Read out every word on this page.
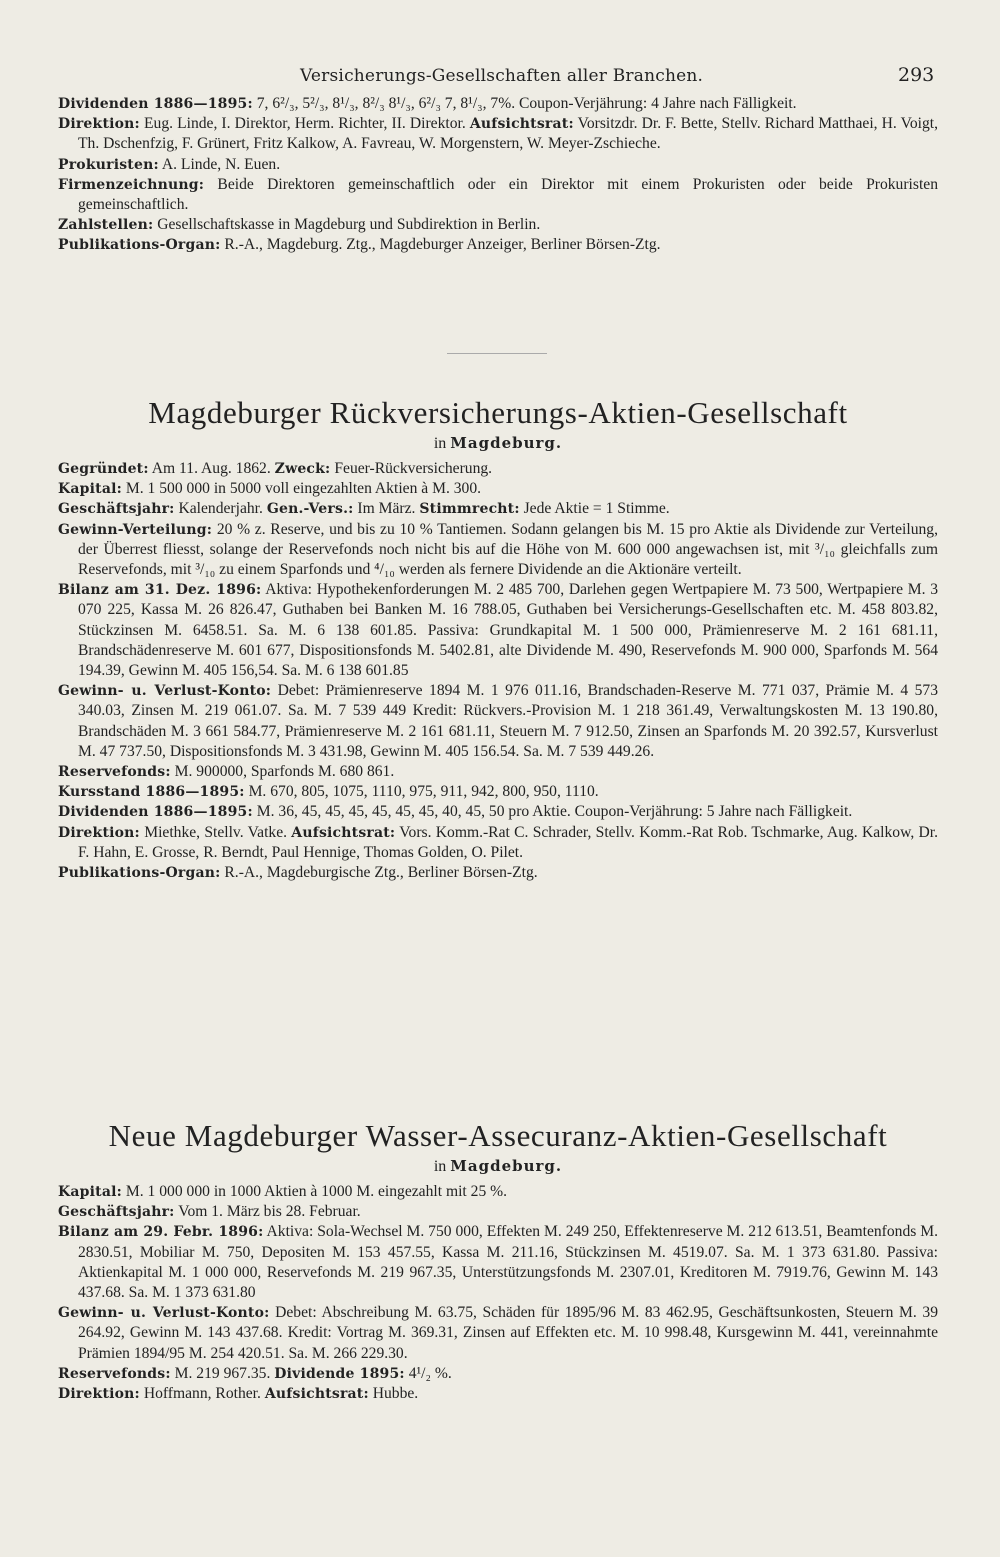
Versicherungs-Gesellschaften aller Branchen.	293
Dividenden 1886—1895: 7, 6²/₃, 5²/₃, 8¹/₃, 8²/₃ 8¹/₃, 6²/₃ 7, 8¹/₃, 7%. Coupon-Verjährung: 4 Jahre nach Fälligkeit.
Direktion: Eug. Linde, I. Direktor, Herm. Richter, II. Direktor. Aufsichtsrat: Vorsitzdr. Dr. F. Bette, Stellv. Richard Matthaei, H. Voigt, Th. Dschenfzig, F. Grünert, Fritz Kalkow, A. Favreau, W. Morgenstern, W. Meyer-Zschieche.
Prokuristen: A. Linde, N. Euen.
Firmenzeichnung: Beide Direktoren gemeinschaftlich oder ein Direktor mit einem Prokuristen oder beide Prokuristen gemeinschaftlich.
Zahlstellen: Gesellschaftskasse in Magdeburg und Subdirektion in Berlin.
Publikations-Organ: R.-A., Magdeburg. Ztg., Magdeburger Anzeiger, Berliner Börsen-Ztg.
Magdeburger Rückversicherungs-Aktien-Gesellschaft
in Magdeburg.
Gegründet: Am 11. Aug. 1862. Zweck: Feuer-Rückversicherung.
Kapital: M. 1 500 000 in 5000 voll eingezahlten Aktien à M. 300.
Geschäftsjahr: Kalenderjahr. Gen.-Vers.: Im März. Stimmrecht: Jede Aktie = 1 Stimme.
Gewinn-Verteilung: 20 % z. Reserve, und bis zu 10 % Tantiemen. Sodann gelangen bis M. 15 pro Aktie als Dividende zur Verteilung, der Überrest fliesst, solange der Reservefonds noch nicht bis auf die Höhe von M. 600 000 angewachsen ist, mit ³/₁₀ gleichfalls zum Reservefonds, mit ³/₁₀ zu einem Sparfonds und ⁴/₁₀ werden als fernere Dividende an die Aktionäre verteilt.
Bilanz am 31. Dez. 1896: Aktiva: Hypothekenforderungen M. 2 485 700, Darlehen gegen Wertpapiere M. 73 500, Wertpapiere M. 3 070 225, Kassa M. 26 826.47, Guthaben bei Banken M. 16 788.05, Guthaben bei Versicherungs-Gesellschaften etc. M. 458 803.82, Stückzinsen M. 6458.51. Sa. M. 6 138 601.85. Passiva: Grundkapital M. 1 500 000, Prämienreserve M. 2 161 681.11, Brandschädenreserve M. 601 677, Dispositionsfonds M. 5402.81, alte Dividende M. 490, Reservefonds M. 900 000, Sparfonds M. 564 194.39, Gewinn M. 405 156,54. Sa. M. 6 138 601.85
Gewinn- u. Verlust-Konto: Debet: Prämienreserve 1894 M. 1 976 011.16, Brandschaden-Reserve M. 771 037, Prämie M. 4 573 340.03, Zinsen M. 219 061.07. Sa. M. 7 539 449 Kredit: Rückvers.-Provision M. 1 218 361.49, Verwaltungskosten M. 13 190.80, Brandschäden M. 3 661 584.77, Prämienreserve M. 2 161 681.11, Steuern M. 7 912.50, Zinsen an Sparfonds M. 20 392.57, Kursverlust M. 47 737.50, Dispositionsfonds M. 3 431.98, Gewinn M. 405 156.54. Sa. M. 7 539 449.26.
Reservefonds: M. 900000, Sparfonds M. 680 861.
Kursstand 1886—1895: M. 670, 805, 1075, 1110, 975, 911, 942, 800, 950, 1110.
Dividenden 1886—1895: M. 36, 45, 45, 45, 45, 45, 45, 40, 45, 50 pro Aktie. Coupon-Verjährung: 5 Jahre nach Fälligkeit.
Direktion: Miethke, Stellv. Vatke. Aufsichtsrat: Vors. Komm.-Rat C. Schrader, Stellv. Komm.-Rat Rob. Tschmarke, Aug. Kalkow, Dr. F. Hahn, E. Grosse, R. Berndt, Paul Hennige, Thomas Golden, O. Pilet.
Publikations-Organ: R.-A., Magdeburgische Ztg., Berliner Börsen-Ztg.
Neue Magdeburger Wasser-Assecuranz-Aktien-Gesellschaft
in Magdeburg.
Kapital: M. 1 000 000 in 1000 Aktien à 1000 M. eingezahlt mit 25 %.
Geschäftsjahr: Vom 1. März bis 28. Februar.
Bilanz am 29. Febr. 1896: Aktiva: Sola-Wechsel M. 750 000, Effekten M. 249 250, Effektenreserve M. 212 613.51, Beamtenfonds M. 2830.51, Mobiliar M. 750, Depositen M. 153 457.55, Kassa M. 211.16, Stückzinsen M. 4519.07. Sa. M. 1 373 631.80. Passiva: Aktienkapital M. 1 000 000, Reservefonds M. 219 967.35, Unterstützungsfonds M. 2307.01, Kreditoren M. 7919.76, Gewinn M. 143 437.68. Sa. M. 1 373 631.80
Gewinn- u. Verlust-Konto: Debet: Abschreibung M. 63.75, Schäden für 1895/96 M. 83 462.95, Geschäftsunkosten, Steuern M. 39 264.92, Gewinn M. 143 437.68. Kredit: Vortrag M. 369.31, Zinsen auf Effekten etc. M. 10 998.48, Kursgewinn M. 441, vereinnahmte Prämien 1894/95 M. 254 420.51. Sa. M. 266 229.30.
Reservefonds: M. 219 967.35. Dividende 1895: 4¹/₂ %.
Direktion: Hoffmann, Rother. Aufsichtsrat: Hubbe.
